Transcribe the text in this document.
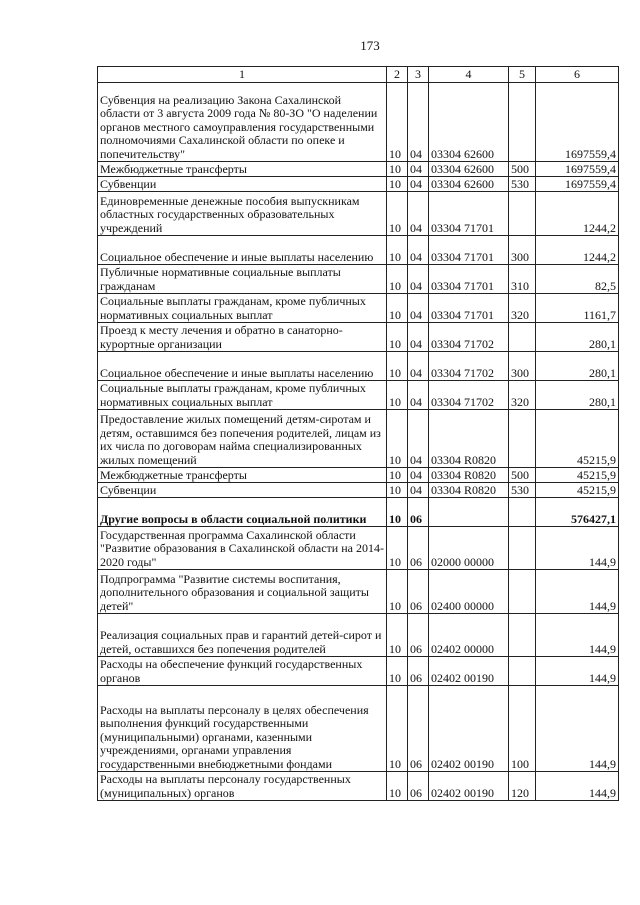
173
1	2	3	4	5	6
Субвенция на реализацию Закона Сахалинской области от 3 августа 2009 года № 80-ЗО "О наделении органов местного самоуправления государственными полномочиями Сахалинской области по опеке и попечительству"	10	04	03304 62600		1697559,4
Межбюджетные трансферты	10	04	03304 62600	500	1697559,4
Субвенции	10	04	03304 62600	530	1697559,4
Единовременные денежные пособия выпускникам областных государственных образовательных учреждений	10	04	03304 71701		1244,2
Социальное обеспечение и иные выплаты населению	10	04	03304 71701	300	1244,2
Публичные нормативные социальные выплаты гражданам	10	04	03304 71701	310	82,5
Социальные выплаты гражданам, кроме публичных нормативных социальных выплат	10	04	03304 71701	320	1161,7
Проезд к месту лечения и обратно в санаторно-курортные организации	10	04	03304 71702		280,1
Социальное обеспечение и иные выплаты населению	10	04	03304 71702	300	280,1
Социальные выплаты гражданам, кроме публичных нормативных социальных выплат	10	04	03304 71702	320	280,1
Предоставление жилых помещений детям-сиротам и детям, оставшимся без попечения родителей, лицам из их числа по договорам найма специализированных жилых помещений	10	04	03304 R0820		45215,9
Межбюджетные трансферты	10	04	03304 R0820	500	45215,9
Субвенции	10	04	03304 R0820	530	45215,9
Другие вопросы в области социальной политики	10	06			576427,1
Государственная программа Сахалинской области "Развитие образования в Сахалинской области на 2014-2020 годы"	10	06	02000 00000		144,9
Подпрограмма "Развитие системы воспитания, дополнительного образования и социальной защиты детей"	10	06	02400 00000		144,9
Реализация социальных прав и гарантий детей-сирот и детей, оставшихся без попечения родителей	10	06	02402 00000		144,9
Расходы на обеспечение функций государственных органов	10	06	02402 00190		144,9
Расходы на выплаты персоналу в целях обеспечения выполнения функций государственными (муниципальными) органами, казенными учреждениями, органами управления государственными внебюджетными фондами	10	06	02402 00190	100	144,9
Расходы на выплаты персоналу государственных (муниципальных) органов	10	06	02402 00190	120	144,9
